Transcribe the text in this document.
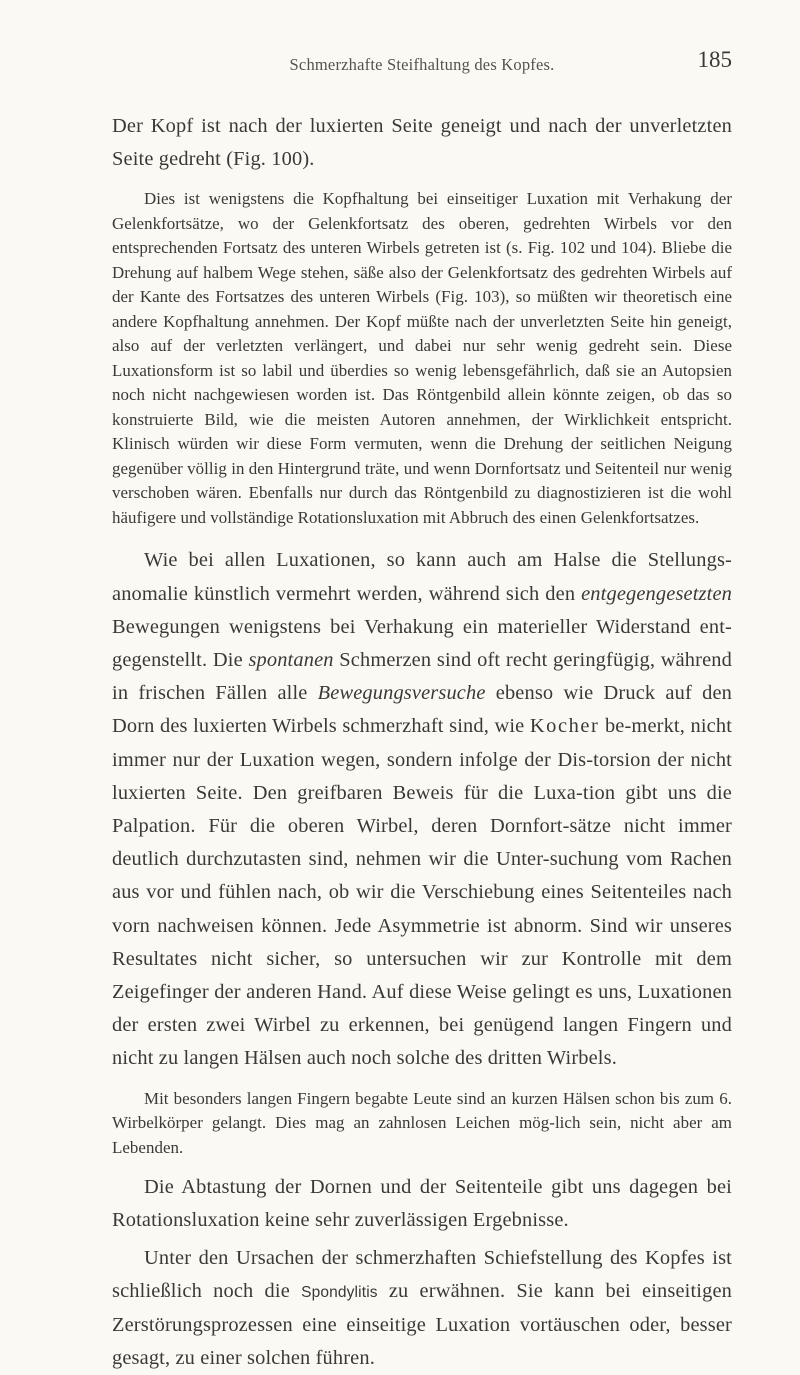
Schmerzhafte Steifhaltung des Kopfes.	185

Der Kopf ist nach der luxierten Seite geneigt und nach der unverletzten Seite gedreht (Fig. 100).

Dies ist wenigstens die Kopfhaltung bei einseitiger Luxation mit Verhakung der Gelenkfortsätze, wo der Gelenkfortsatz des oberen, gedrehten Wirbels vor den entsprechenden Fortsatz des unteren Wirbels getreten ist (s. Fig. 102 und 104). Bliebe die Drehung auf halbem Wege stehen, säße also der Gelenkfortsatz des gedrehten Wirbels auf der Kante des Fortsatzes des unteren Wirbels (Fig. 103), so müßten wir theoretisch eine andere Kopfhaltung annehmen. Der Kopf müßte nach der unverletzten Seite hin geneigt, also auf der verletzten verlängert, und dabei nur sehr wenig gedreht sein. Diese Luxationsform ist so labil und überdies so wenig lebensgefährlich, daß sie an Autopsien noch nicht nachgewiesen worden ist. Das Röntgenbild allein könnte zeigen, ob das so konstruierte Bild, wie die meisten Autoren annehmen, der Wirklichkeit entspricht. Klinisch würden wir diese Form vermuten, wenn die Drehung der seitlichen Neigung gegenüber völlig in den Hintergrund träte, und wenn Dornfortsatz und Seitenteil nur wenig verschoben wären. Ebenfalls nur durch das Röntgenbild zu diagnostizieren ist die wohl häufigere und vollständige Rotationsluxation mit Abbruch des einen Gelenkfortsatzes.

Wie bei allen Luxationen, so kann auch am Halse die Stellungs-anomalie künstlich vermehrt werden, während sich den entgegengesetzten Bewegungen wenigstens bei Verhakung ein materieller Widerstand ent-gegenstellt. Die spontanen Schmerzen sind oft recht geringfügig, während in frischen Fällen alle Bewegungsversuche ebenso wie Druck auf den Dorn des luxierten Wirbels schmerzhaft sind, wie Kocher be-merkt, nicht immer nur der Luxation wegen, sondern infolge der Dis-torsion der nicht luxierten Seite. Den greifbaren Beweis für die Luxa-tion gibt uns die Palpation. Für die oberen Wirbel, deren Dornfort-sätze nicht immer deutlich durchzutasten sind, nehmen wir die Unter-suchung vom Rachen aus vor und fühlen nach, ob wir die Verschiebung eines Seitenteiles nach vorn nachweisen können. Jede Asymmetrie ist abnorm. Sind wir unseres Resultates nicht sicher, so untersuchen wir zur Kontrolle mit dem Zeigefinger der anderen Hand. Auf diese Weise gelingt es uns, Luxationen der ersten zwei Wirbel zu erkennen, bei genügend langen Fingern und nicht zu langen Hälsen auch noch solche des dritten Wirbels.

Mit besonders langen Fingern begabte Leute sind an kurzen Hälsen schon bis zum 6. Wirbelkörper gelangt. Dies mag an zahnlosen Leichen mög-lich sein, nicht aber am Lebenden.

Die Abtastung der Dornen und der Seitenteile gibt uns dagegen bei Rotationsluxation keine sehr zuverlässigen Ergebnisse.

Unter den Ursachen der schmerzhaften Schiefstellung des Kopfes ist schließlich noch die Spondylitis zu erwähnen. Sie kann bei einseitigen Zerstörungsprozessen eine einseitige Luxation vortäuschen oder, besser gesagt, zu einer solchen führen.
